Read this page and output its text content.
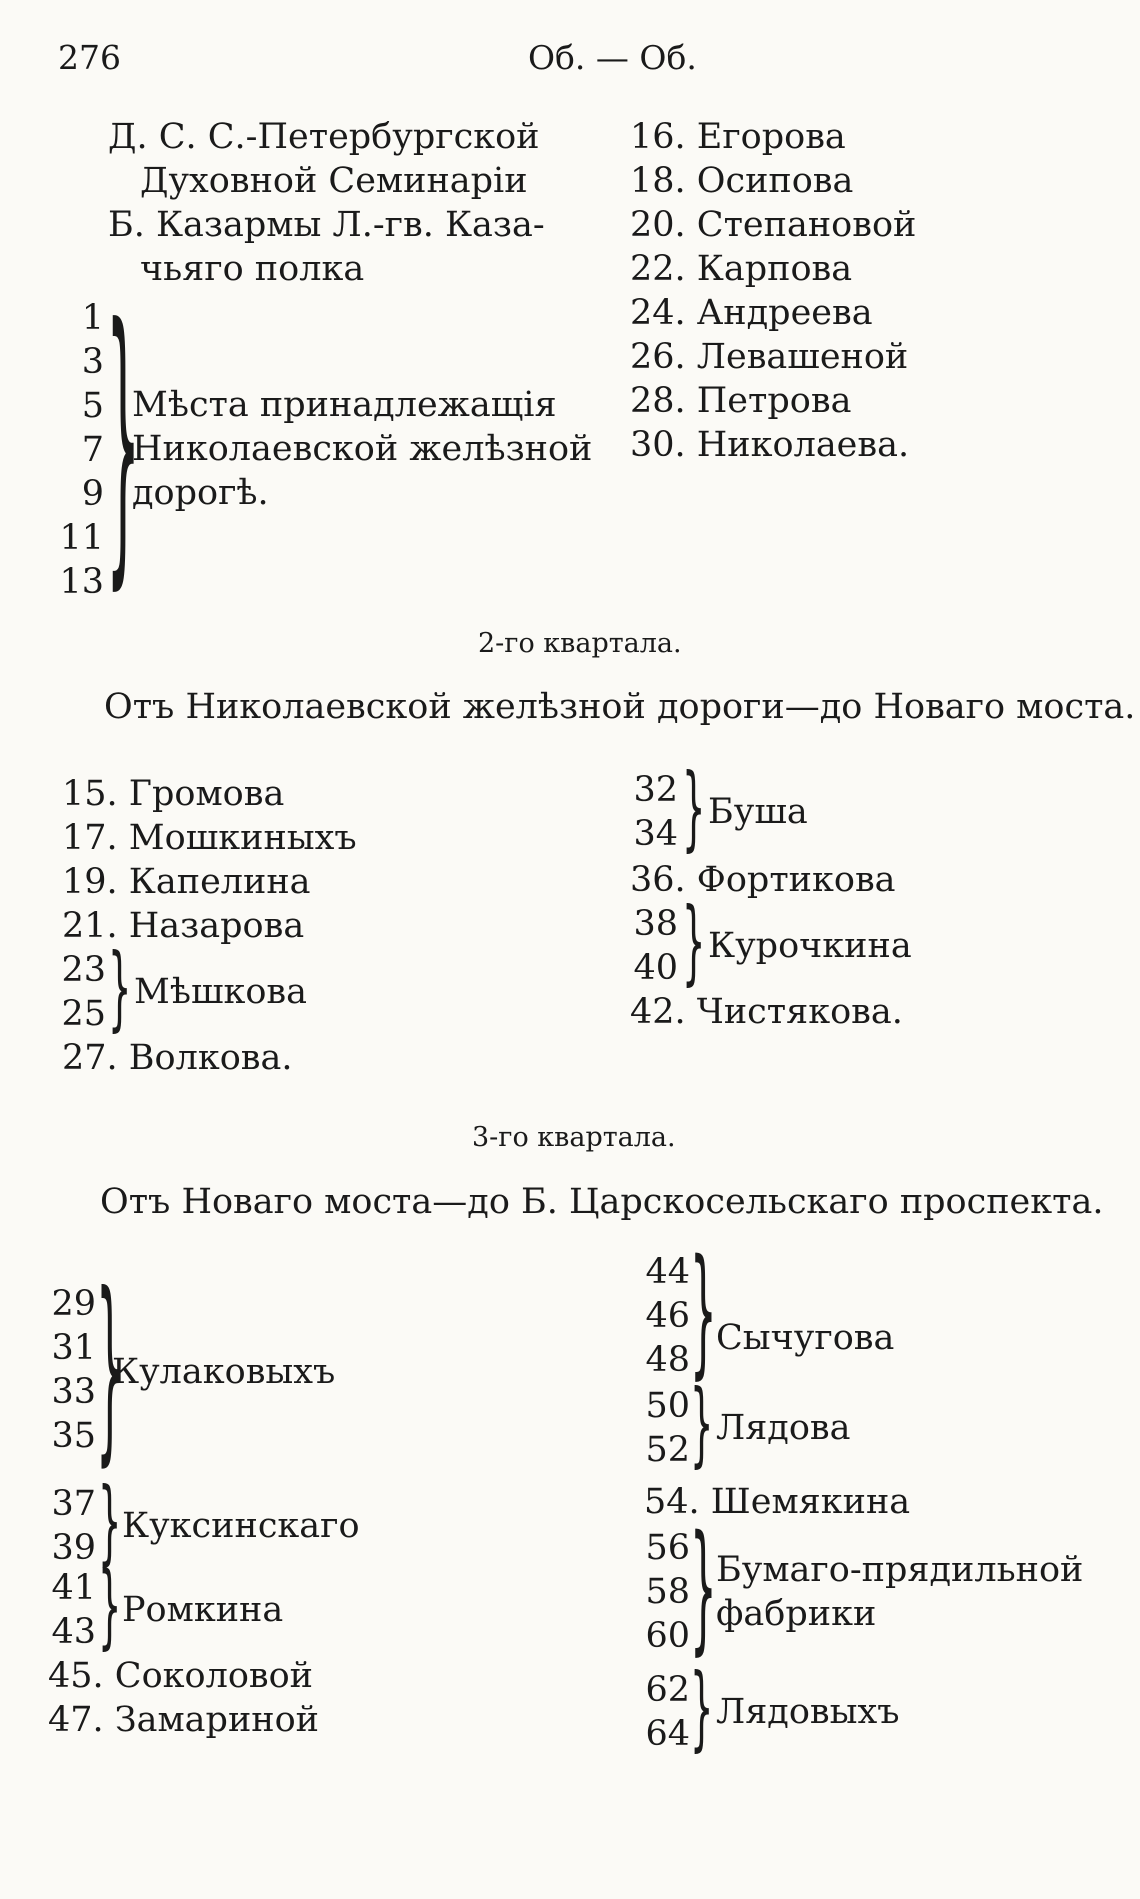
276	Об. — Об.
Д. С. С.-Петербургской
Духовной Семинаріи
Б. Казармы Л.-гв. Каза-
чьяго полка
1
3
5
7
9
11
13 }
Мѣста принадлежащія
Николаевской желѣзной
дорогѣ.
16. Егорова
18. Осипова
20. Степановой
22. Карпова
24. Андреева
26. Левашеной
28. Петрова
30. Николаева.
2-го квартала.
Отъ Николаевской желѣзной дороги—до Новаго моста.
15. Громова
17. Мошкиныхъ
19. Капелина
21. Назарова
23
25 } Мѣшкова
27. Волкова.
32
34 } Буша
36. Фортикова
38
40 } Курочкина
42. Чистякова.
3-го квартала.
Отъ Новаго моста—до Б. Царскосельскаго проспекта.
29
31
33
35 }
Кулаковыхъ
37
39 } Куксинскаго
41
43 } Ромкина
45. Соколовой
47. Замариной
44
46
48 } Сычугова
50
52 } Лядова
54. Шемякина
56
58
60 } Бумаго-прядильной
фабрики
62
64 } Лядовыхъ
